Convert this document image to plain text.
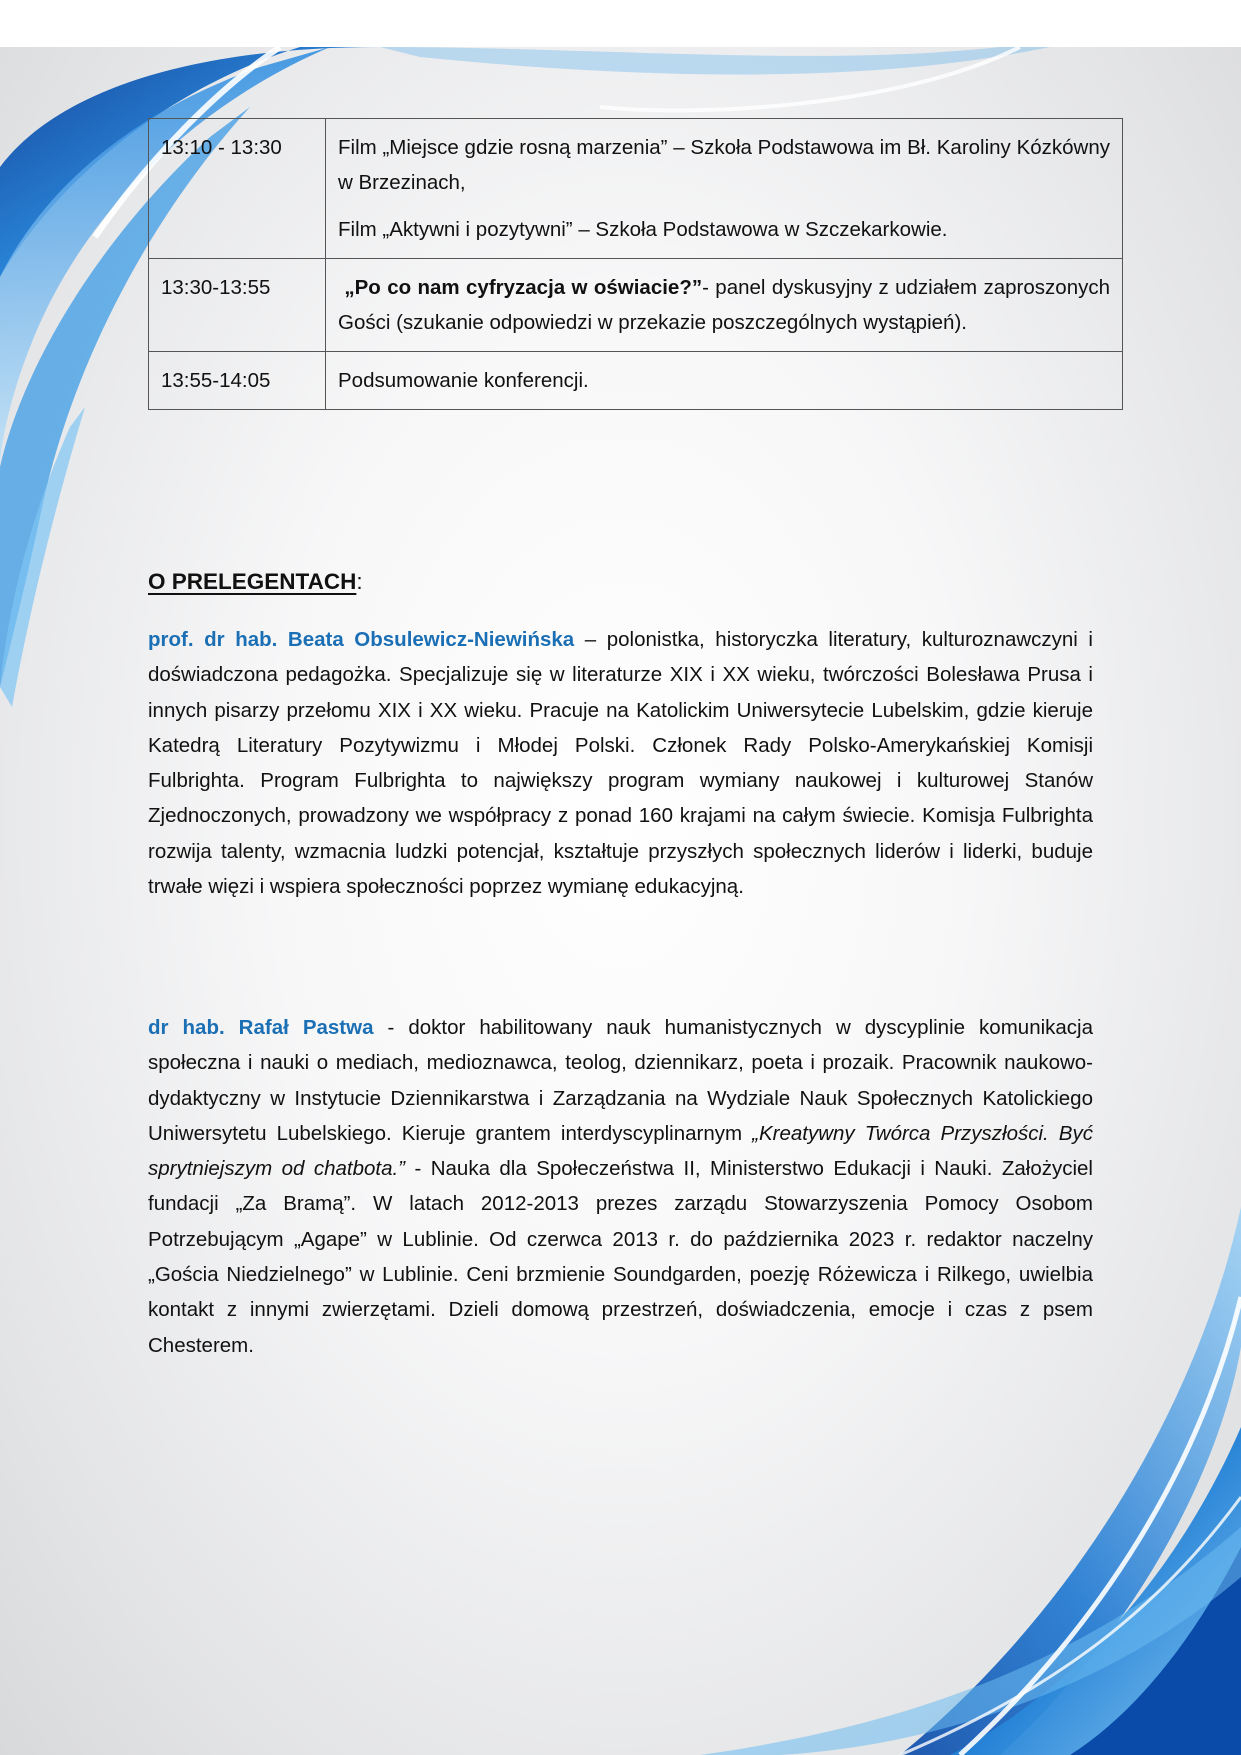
13:10 - 13:30	Film „Miejsce gdzie rosną marzenia” – Szkoła Podstawowa im Bł. Karoliny Kózkówny w Brzezinach,

Film „Aktywni i pozytywni” – Szkoła Podstawowa w Szczekarkowie.

13:30-13:55	„Po co nam cyfryzacja w oświacie?”- panel dyskusyjny z udziałem zaproszonych Gości (szukanie odpowiedzi w przekazie poszczególnych wystąpień).

13:55-14:05	Podsumowanie konferencji.
O PRELEGENTACH:

prof. dr hab. Beata Obsulewicz-Niewińska – polonistka, historyczka literatury, kulturoznawczyni i doświadczona pedagożka. Specjalizuje się w literaturze XIX i XX wieku, twórczości Bolesława Prusa i innych pisarzy przełomu XIX i XX wieku. Pracuje na Katolickim Uniwersytecie Lubelskim, gdzie kieruje Katedrą Literatury Pozytywizmu i Młodej Polski. Członek Rady Polsko-Amerykańskiej Komisji Fulbrighta. Program Fulbrighta to największy program wymiany naukowej i kulturowej Stanów Zjednoczonych, prowadzony we współpracy z ponad 160 krajami na całym świecie. Komisja Fulbrighta rozwija talenty, wzmacnia ludzki potencjał, kształtuje przyszłych społecznych liderów i liderki, buduje trwałe więzi i wspiera społeczności poprzez wymianę edukacyjną.

dr hab. Rafał Pastwa - doktor habilitowany nauk humanistycznych w dyscyplinie komunikacja społeczna i nauki o mediach, medioznawca, teolog, dziennikarz, poeta i prozaik. Pracownik naukowo-dydaktyczny w Instytucie Dziennikarstwa i Zarządzania na Wydziale Nauk Społecznych Katolickiego Uniwersytetu Lubelskiego. Kieruje grantem interdyscyplinarnym „Kreatywny Twórca Przyszłości. Być sprytniejszym od chatbota.” - Nauka dla Społeczeństwa II, Ministerstwo Edukacji i Nauki. Założyciel fundacji „Za Bramą”. W latach 2012-2013 prezes zarządu Stowarzyszenia Pomocy Osobom Potrzebującym „Agape” w Lublinie. Od czerwca 2013 r. do października 2023 r. redaktor naczelny „Gościa Niedzielnego” w Lublinie. Ceni brzmienie Soundgarden, poezję Różewicza i Rilkego, uwielbia kontakt z innymi zwierzętami. Dzieli domową przestrzeń, doświadczenia, emocje i czas z psem Chesterem.
